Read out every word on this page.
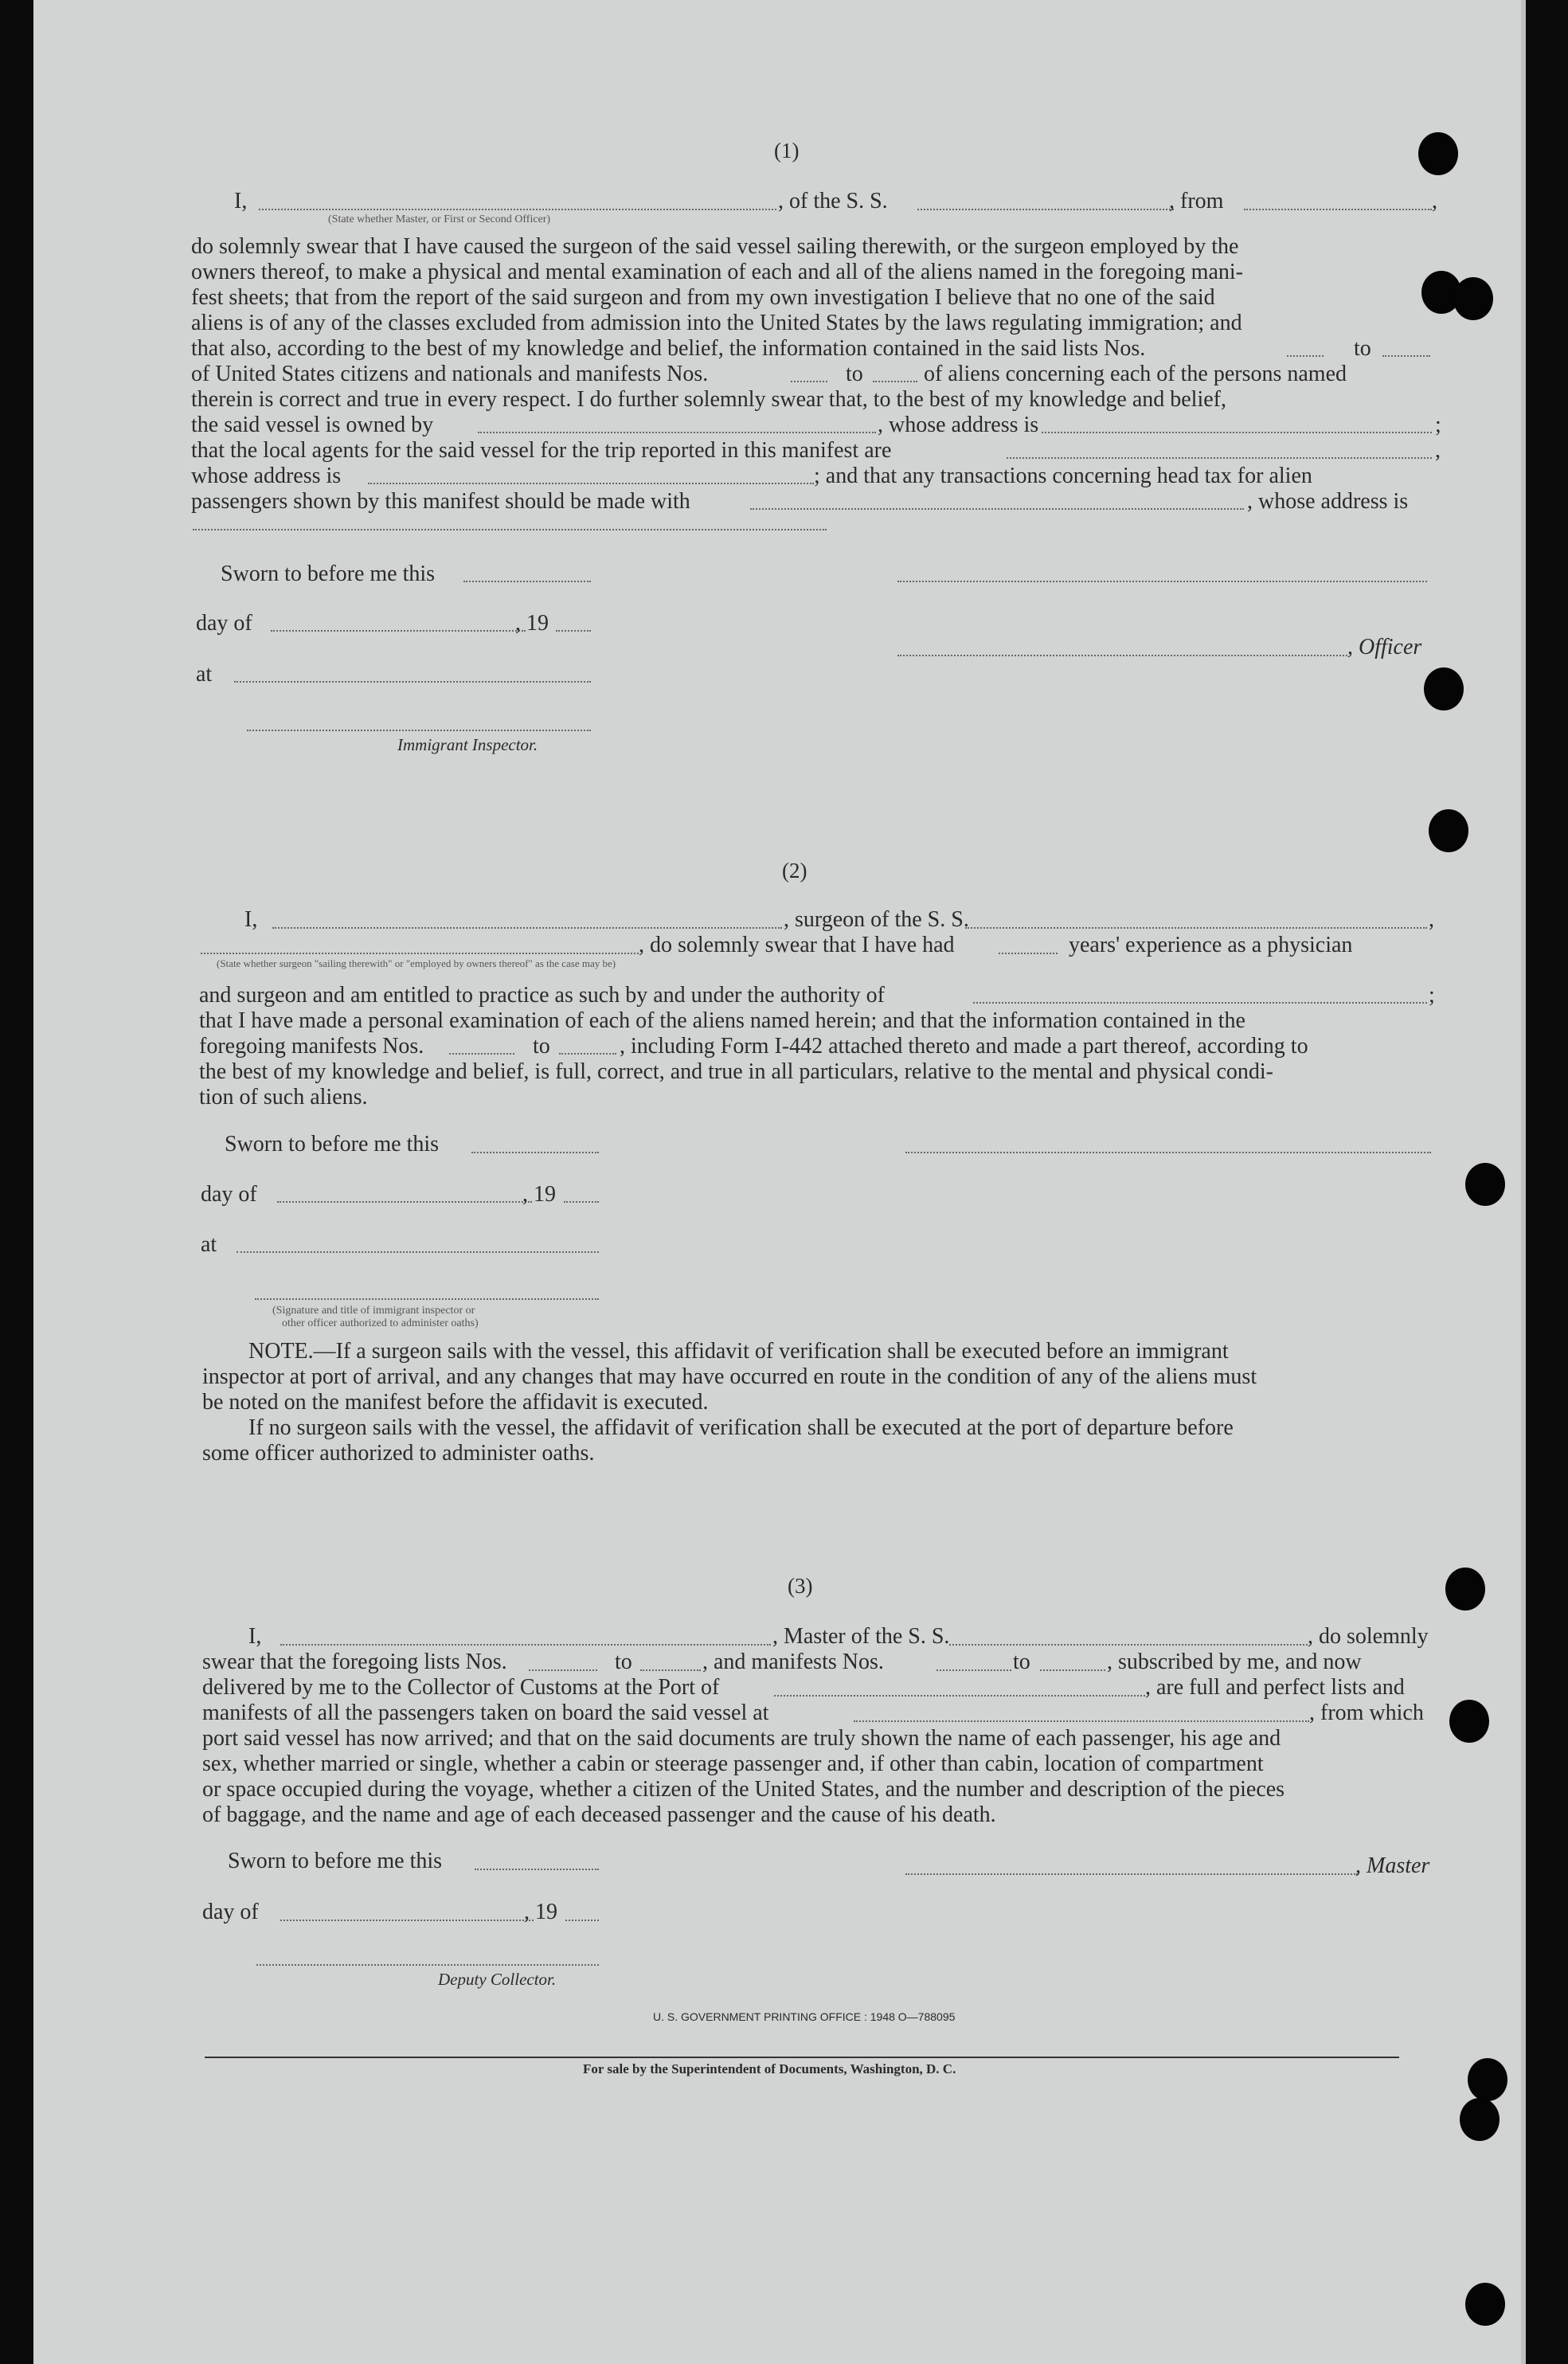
(1)
I,	, of the S. S.	, from	,
(State whether Master, or First or Second Officer)
do solemnly swear that I have caused the surgeon of the said vessel sailing therewith, or the surgeon employed by the
owners thereof, to make a physical and mental examination of each and all of the aliens named in the foregoing mani-
fest sheets; that from the report of the said surgeon and from my own investigation I believe that no one of the said
aliens is of any of the classes excluded from admission into the United States by the laws regulating immigration; and
that also, according to the best of my knowledge and belief, the information contained in the said lists Nos.	to
of United States citizens and nationals and manifests Nos.	to	of aliens concerning each of the persons named
therein is correct and true in every respect. I do further solemnly swear that, to the best of my knowledge and belief,
the said vessel is owned by	, whose address is	;
that the local agents for the said vessel for the trip reported in this manifest are	,
whose address is	; and that any transactions concerning head tax for alien
passengers shown by this manifest should be made with	, whose address is
Sworn to before me this
day of	, 19
, Officer
at
Immigrant Inspector.
(2)
I,	, surgeon of the S. S.	,
, do solemnly swear that I have had	years' experience as a physician
(State whether surgeon "sailing therewith" or "employed by owners thereof" as the case may be)
and surgeon and am entitled to practice as such by and under the authority of	;
that I have made a personal examination of each of the aliens named herein; and that the information contained in the
foregoing manifests Nos.	to	, including Form I-442 attached thereto and made a part thereof, according to
the best of my knowledge and belief, is full, correct, and true in all particulars, relative to the mental and physical condi-
tion of such aliens.
Sworn to before me this
day of	, 19
at
(Signature and title of immigrant inspector or
other officer authorized to administer oaths)
NOTE.—If a surgeon sails with the vessel, this affidavit of verification shall be executed before an immigrant
inspector at port of arrival, and any changes that may have occurred en route in the condition of any of the aliens must
be noted on the manifest before the affidavit is executed.
If no surgeon sails with the vessel, the affidavit of verification shall be executed at the port of departure before
some officer authorized to administer oaths.
(3)
I,	, Master of the S. S.	, do solemnly
swear that the foregoing lists Nos.	to	, and manifests Nos.	to	, subscribed by me, and now
delivered by me to the Collector of Customs at the Port of	, are full and perfect lists and
manifests of all the passengers taken on board the said vessel at	, from which
port said vessel has now arrived; and that on the said documents are truly shown the name of each passenger, his age and
sex, whether married or single, whether a cabin or steerage passenger and, if other than cabin, location of compartment
or space occupied during the voyage, whether a citizen of the United States, and the number and description of the pieces
of baggage, and the name and age of each deceased passenger and the cause of his death.
Sworn to before me this	, Master
day of	, 19
Deputy Collector.
U. S. GOVERNMENT PRINTING OFFICE : 1948 O—788095
For sale by the Superintendent of Documents, Washington, D. C.
